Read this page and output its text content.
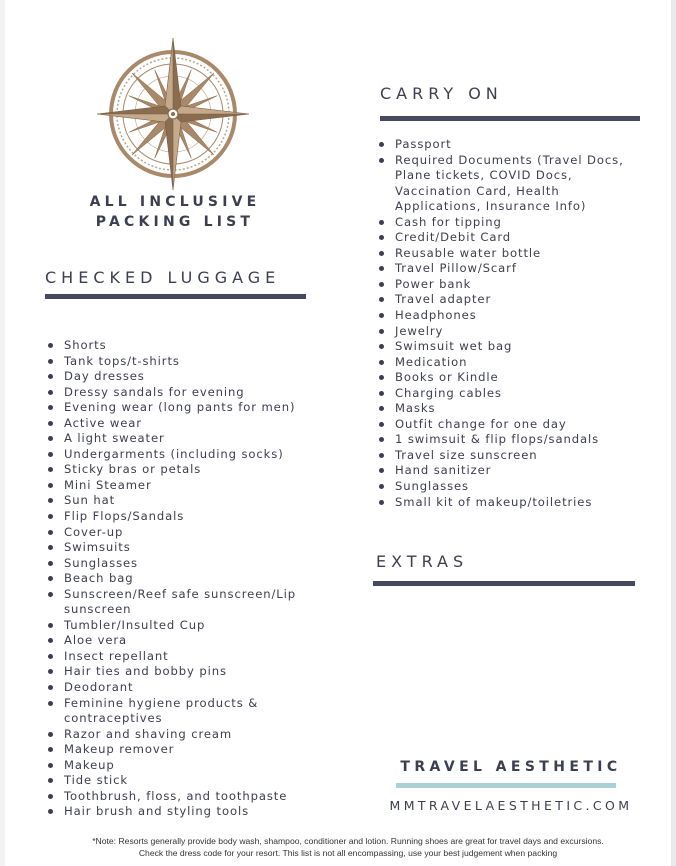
ALL INCLUSIVE
PACKING LIST
CHECKED LUGGAGE
Shorts
Tank tops/t-shirts
Day dresses
Dressy sandals for evening
Evening wear (long pants for men)
Active wear
A light sweater
Undergarments (including socks)
Sticky bras or petals
Mini Steamer
Sun hat
Flip Flops/Sandals
Cover-up
Swimsuits
Sunglasses
Beach bag
Sunscreen/Reef safe sunscreen/Lip sunscreen
Tumbler/Insulted Cup
Aloe vera
Insect repellant
Hair ties and bobby pins
Deodorant
Feminine hygiene products & contraceptives
Razor and shaving cream
Makeup remover
Makeup
Tide stick
Toothbrush, floss, and toothpaste
Hair brush and styling tools
CARRY ON
Passport
Required Documents (Travel Docs, Plane tickets, COVID Docs, Vaccination Card, Health Applications, Insurance Info)
Cash for tipping
Credit/Debit Card
Reusable water bottle
Travel Pillow/Scarf
Power bank
Travel adapter
Headphones
Jewelry
Swimsuit wet bag
Medication
Books or Kindle
Charging cables
Masks
Outfit change for one day
1 swimsuit & flip flops/sandals
Travel size sunscreen
Hand sanitizer
Sunglasses
Small kit of makeup/toiletries
EXTRAS
TRAVEL AESTHETIC
MMTRAVELAESTHETIC.COM
*Note: Resorts generally provide body wash, shampoo, conditioner and lotion. Running shoes are great for travel days and excursions.
Check the dress code for your resort. This list is not all encompassing, use your best judgement when packing
